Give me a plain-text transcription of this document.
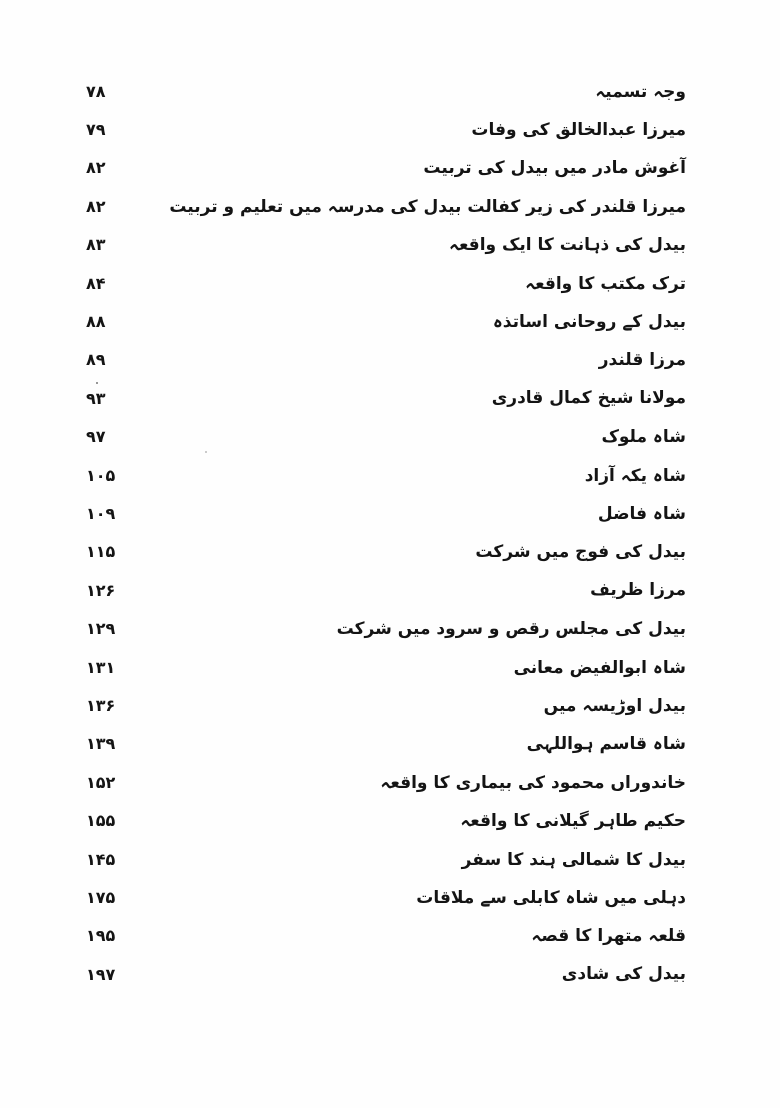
۷۸	وجہ تسمیہ
۷۹	میرزا عبدالخالق کی وفات
۸۲	آغوش مادر میں بیدل کی تربیت
۸۲	میرزا قلندر کی زیر کفالت بیدل کی مدرسہ میں تعلیم و تربیت
۸۳	بیدل کی ذہانت کا ایک واقعہ
۸۴	ترک مکتب کا واقعہ
۸۸	بیدل کے روحانی اساتذہ
۸۹	مرزا قلندر
۹۳	مولانا شیخ کمال قادری
۹۷	شاہ ملوک
۱۰۵	شاہ یکہ آزاد
۱۰۹	شاہ فاضل
۱۱۵	بیدل کی فوج میں شرکت
۱۲۶	مرزا ظریف
۱۲۹	بیدل کی مجلس رقص و سرود میں شرکت
۱۳۱	شاہ ابوالفیض معانی
۱۳۶	بیدل اوڑیسہ میں
۱۳۹	شاہ قاسم ہواللہی
۱۵۲	خاندوراں محمود کی بیماری کا واقعہ
۱۵۵	حکیم طاہر گیلانی کا واقعہ
۱۴۵	بیدل کا شمالی ہند کا سفر
۱۷۵	دہلی میں شاہ کابلی سے ملاقات
۱۹۵	قلعہ متھرا کا قصہ
۱۹۷	بیدل کی شادی
